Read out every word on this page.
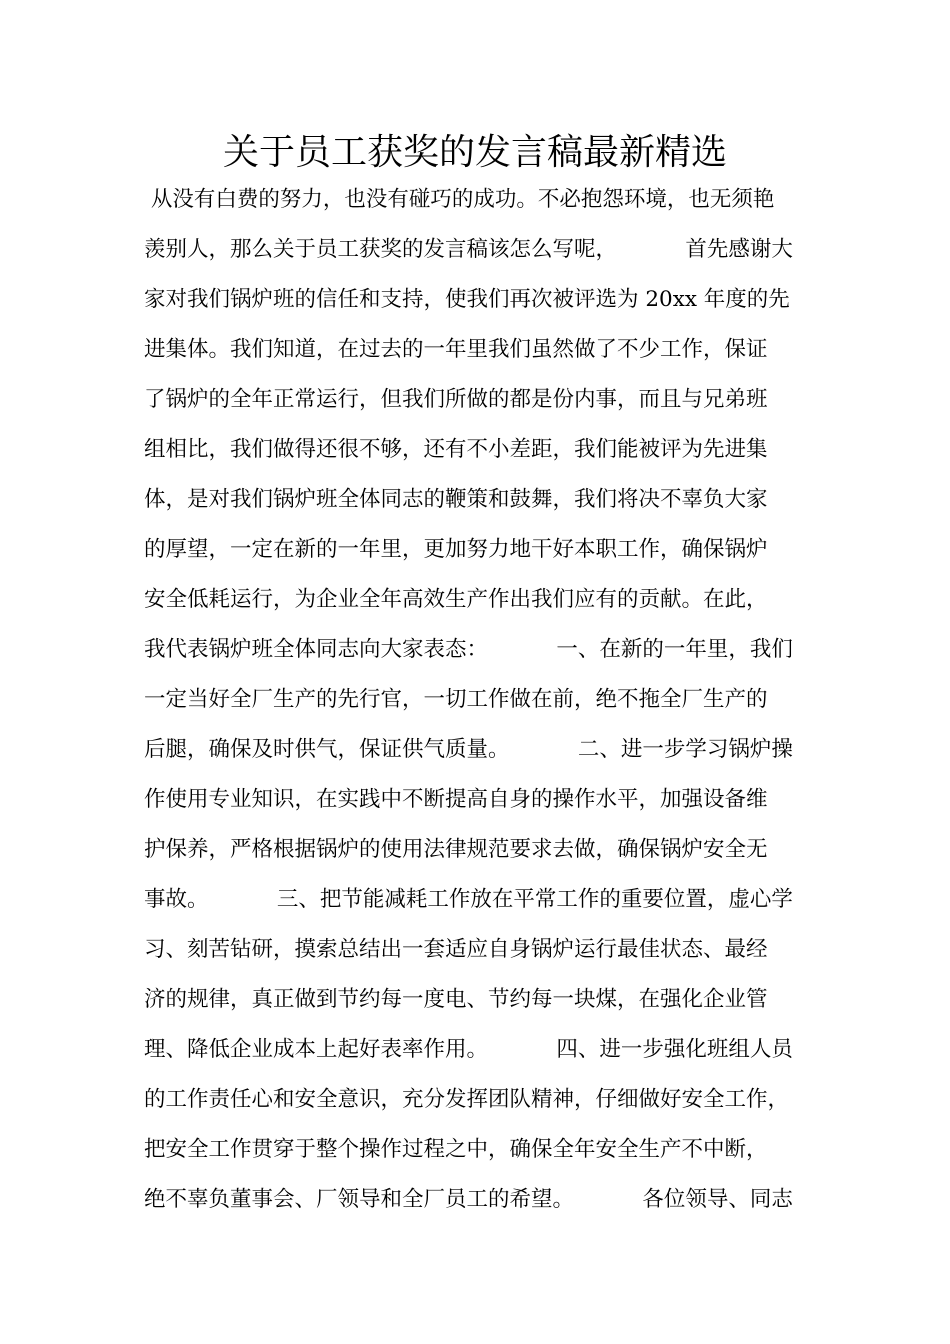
关于员工获奖的发言稿最新精选
从没有白费的努力，也没有碰巧的成功。不必抱怨环境，也无须艳
羡别人，那么关于员工获奖的发言稿该怎么写呢，          首先感谢大
家对我们锅炉班的信任和支持，使我们再次被评选为 20xx 年度的先
进集体。我们知道，在过去的一年里我们虽然做了不少工作，保证
了锅炉的全年正常运行，但我们所做的都是份内事，而且与兄弟班
组相比，我们做得还很不够，还有不小差距，我们能被评为先进集
体，是对我们锅炉班全体同志的鞭策和鼓舞，我们将决不辜负大家
的厚望，一定在新的一年里，更加努力地干好本职工作，确保锅炉
安全低耗运行，为企业全年高效生产作出我们应有的贡献。在此，
我代表锅炉班全体同志向大家表态：          一、在新的一年里，我们
一定当好全厂生产的先行官，一切工作做在前，绝不拖全厂生产的
后腿，确保及时供气，保证供气质量。          二、进一步学习锅炉操
作使用专业知识，在实践中不断提高自身的操作水平，加强设备维
护保养，严格根据锅炉的使用法律规范要求去做，确保锅炉安全无
事故。          三、把节能减耗工作放在平常工作的重要位置，虚心学
习、刻苦钻研，摸索总结出一套适应自身锅炉运行最佳状态、最经
济的规律，真正做到节约每一度电、节约每一块煤，在强化企业管
理、降低企业成本上起好表率作用。          四、进一步强化班组人员
的工作责任心和安全意识，充分发挥团队精神，仔细做好安全工作，
把安全工作贯穿于整个操作过程之中，确保全年安全生产不中断，
绝不辜负董事会、厂领导和全厂员工的希望。          各位领导、同志
